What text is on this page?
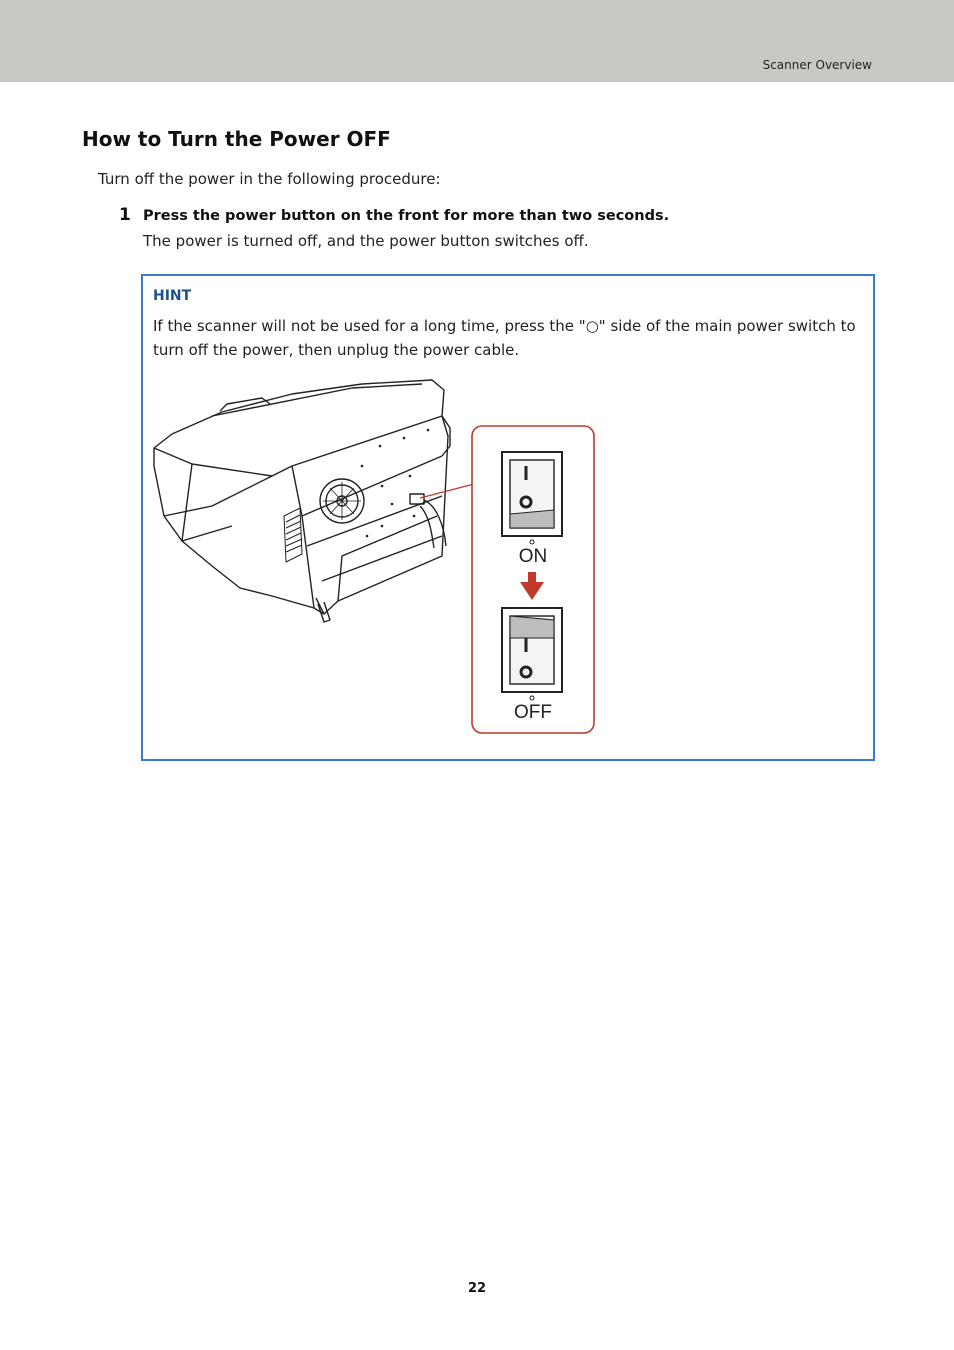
Scanner Overview
How to Turn the Power OFF
Turn off the power in the following procedure:
1 Press the power button on the front for more than two seconds.
The power is turned off, and the power button switches off.
HINT
If the scanner will not be used for a long time, press the "○" side of the main power switch to turn off the power, then unplug the power cable.
ON
OFF
22
